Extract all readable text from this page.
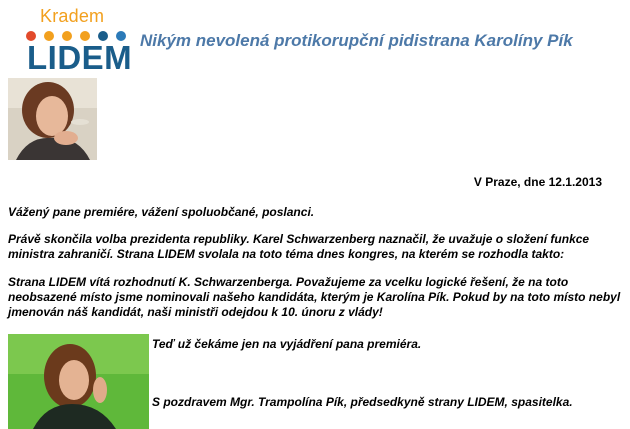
Kradem
LIDEM Nikým nevolená protikorupční pidistrana Karolíny Pík
V Praze, dne 12.1.2013

Vážený pane premiére, vážení spoluobčané, poslanci.

Právě skončila volba prezidenta republiky. Karel Schwarzenberg naznačil, že uvažuje o složení funkce ministra zahraničí. Strana LIDEM svolala na toto téma dnes kongres, na kterém se rozhodla takto:

Strana LIDEM vítá rozhodnutí K. Schwarzenberga. Považujeme za vcelku logické řešení, že na toto neobsazené místo jsme nominovali našeho kandidáta, kterým je Karolína Pík. Pokud by na toto místo nebyl jmenován náš kandidát, naši ministři odejdou k 10. únoru z vlády!

Teď už čekáme jen na vyjádření pana premiéra.

S pozdravem Mgr. Trampolína Pík, předsedkyně strany LIDEM, spasitelka.
